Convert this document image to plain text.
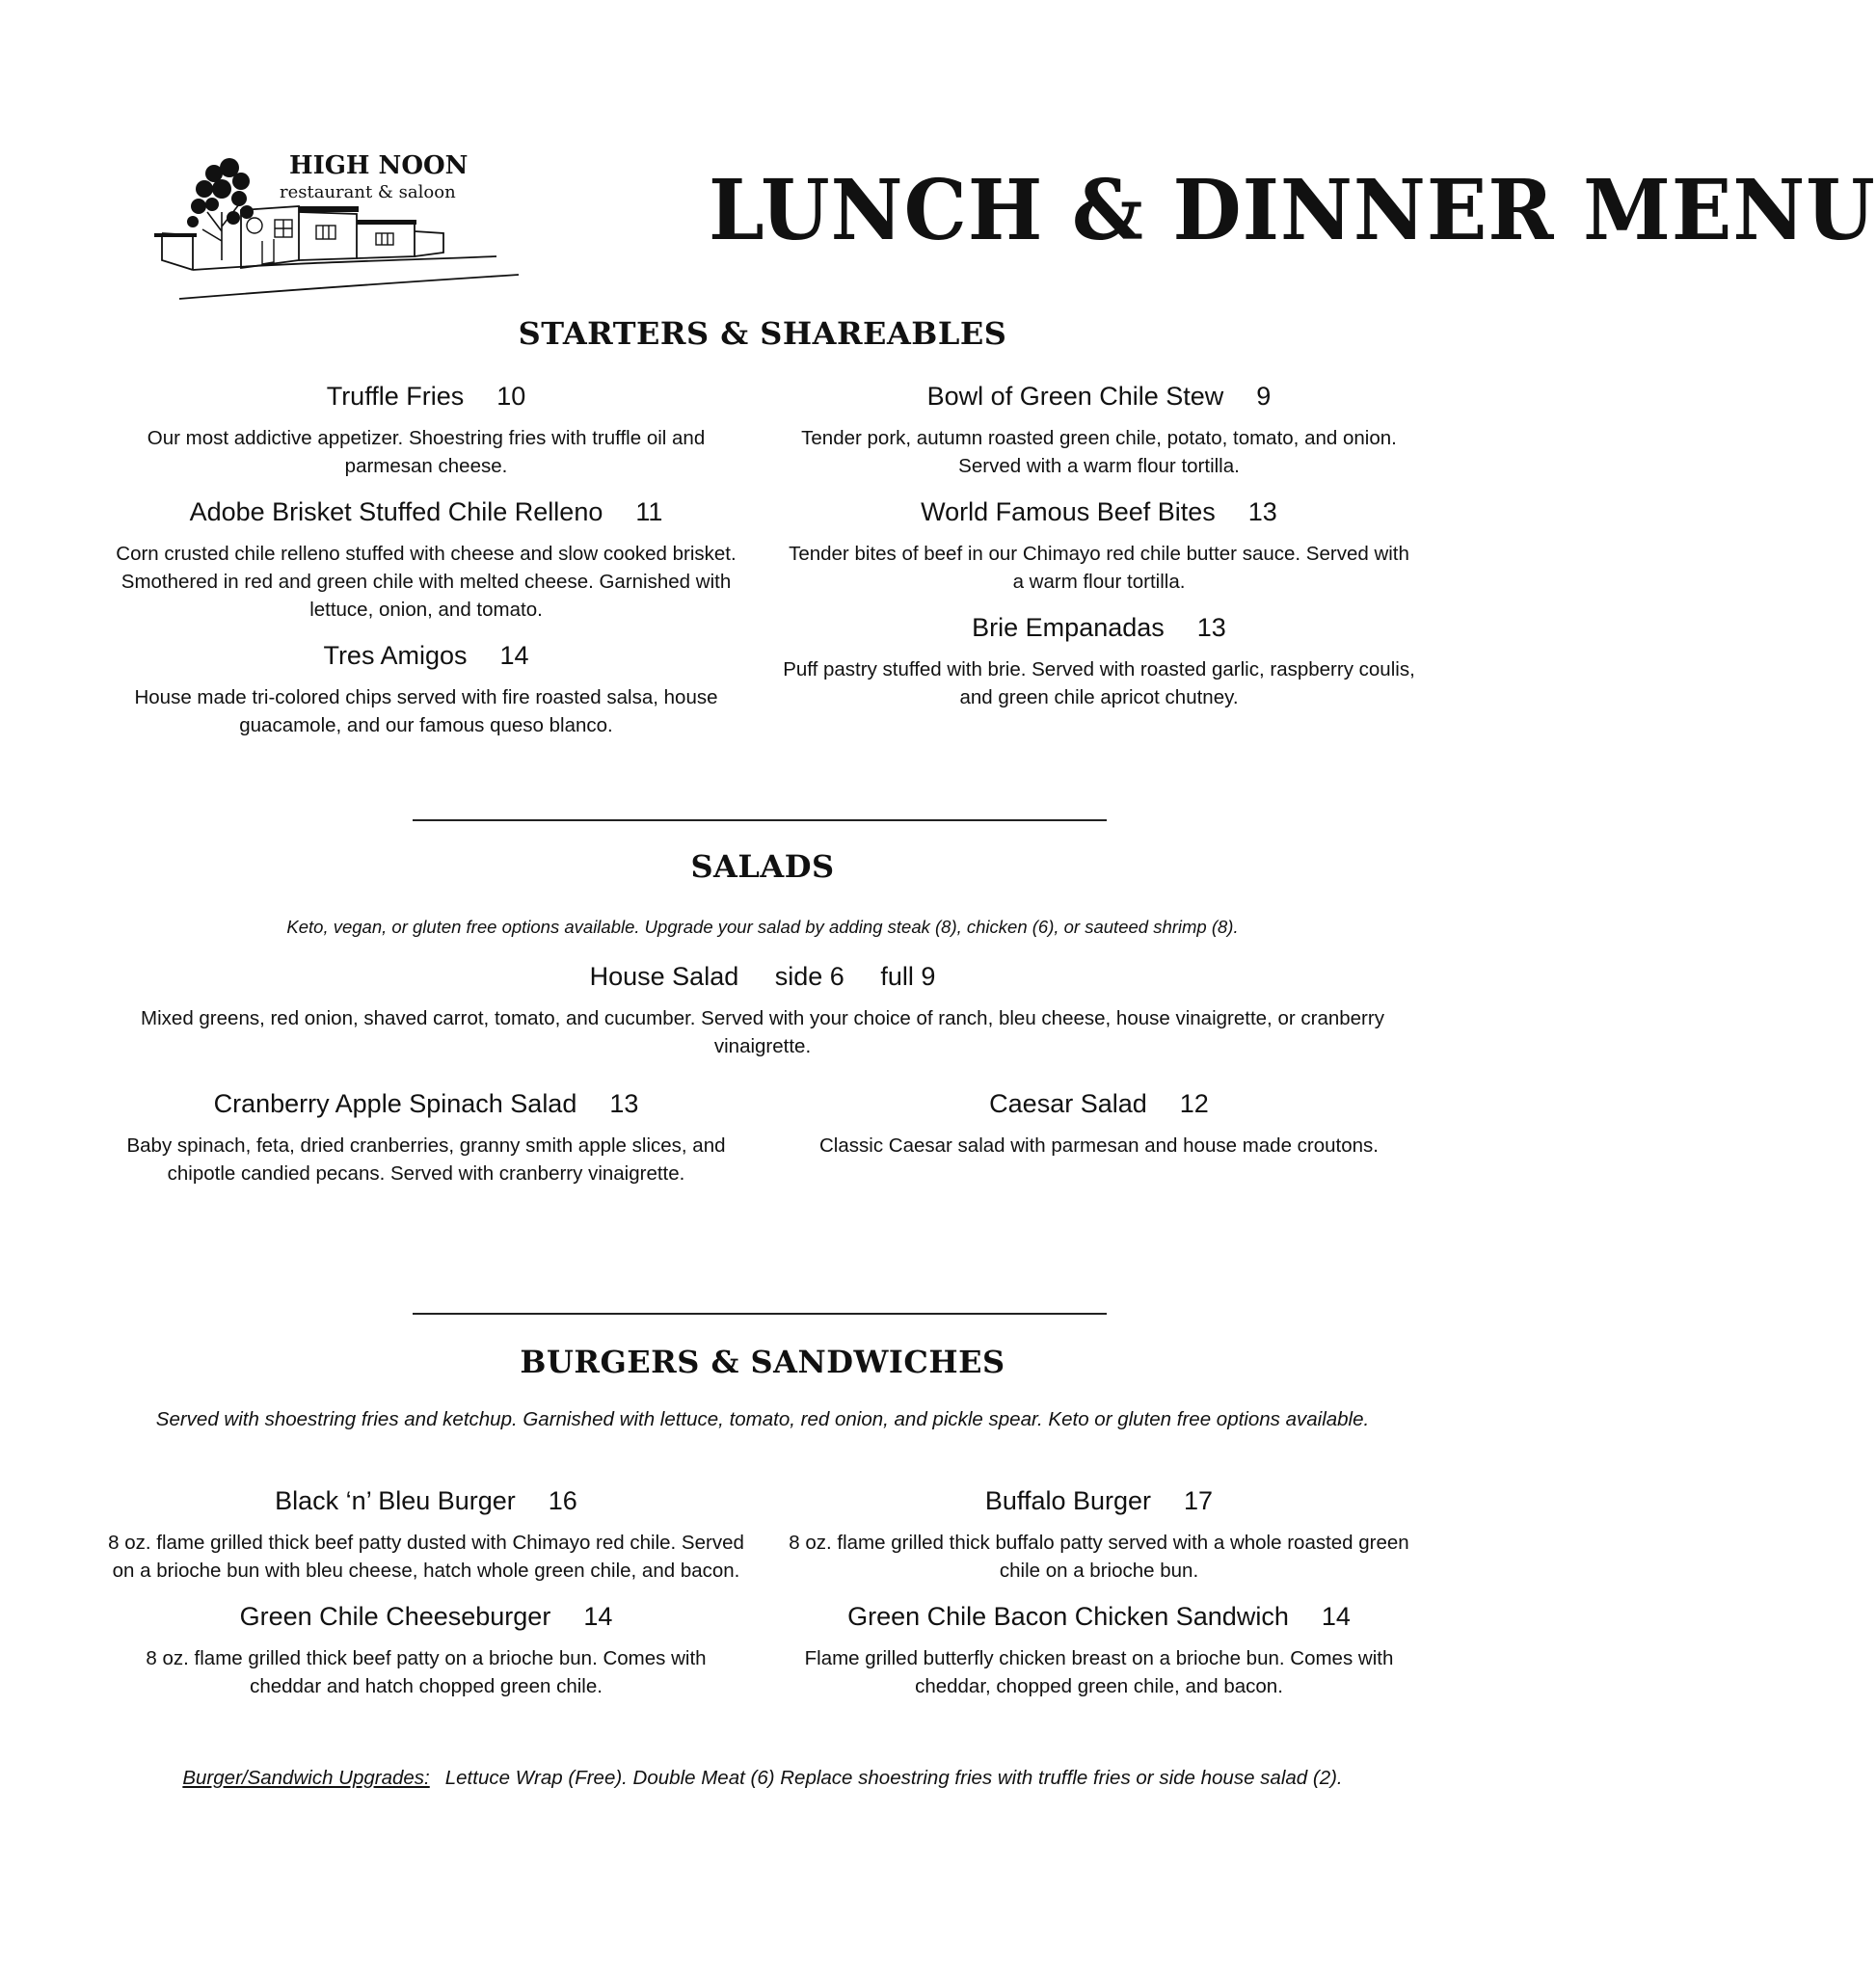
HIGH NOON
restaurant & saloon	LUNCH & DINNER MENU
STARTERS & SHAREABLES
Truffle Fries 10
Our most addictive appetizer. Shoestring fries with truffle oil and parmesan cheese.
Adobe Brisket Stuffed Chile Relleno 11
Corn crusted chile relleno stuffed with cheese and slow cooked brisket. Smothered in red and green chile with melted cheese. Garnished with lettuce, onion, and tomato.
Tres Amigos 14
House made tri-colored chips served with fire roasted salsa, house guacamole, and our famous queso blanco.
Bowl of Green Chile Stew 9
Tender pork, autumn roasted green chile, potato, tomato, and onion. Served with a warm flour tortilla.
World Famous Beef Bites 13
Tender bites of beef in our Chimayo red chile butter sauce. Served with a warm flour tortilla.
Brie Empanadas 13
Puff pastry stuffed with brie. Served with roasted garlic, raspberry coulis, and green chile apricot chutney.
SALADS
Keto, vegan, or gluten free options available. Upgrade your salad by adding steak (8), chicken (6), or sauteed shrimp (8).
House Salad side 6 full 9
Mixed greens, red onion, shaved carrot, tomato, and cucumber. Served with your choice of ranch, bleu cheese, house vinaigrette, or cranberry vinaigrette.
Cranberry Apple Spinach Salad 13
Baby spinach, feta, dried cranberries, granny smith apple slices, and chipotle candied pecans. Served with cranberry vinaigrette.
Caesar Salad 12
Classic Caesar salad with parmesan and house made croutons.
BURGERS & SANDWICHES
Served with shoestring fries and ketchup. Garnished with lettuce, tomato, red onion, and pickle spear. Keto or gluten free options available.
Black ‘n’ Bleu Burger 16
8 oz. flame grilled thick beef patty dusted with Chimayo red chile. Served on a brioche bun with bleu cheese, hatch whole green chile, and bacon.
Green Chile Cheeseburger 14
8 oz. flame grilled thick beef patty on a brioche bun. Comes with cheddar and hatch chopped green chile.
Buffalo Burger 17
8 oz. flame grilled thick buffalo patty served with a whole roasted green chile on a brioche bun.
Green Chile Bacon Chicken Sandwich 14
Flame grilled butterfly chicken breast on a brioche bun. Comes with cheddar, chopped green chile, and bacon.
Burger/Sandwich Upgrades: Lettuce Wrap (Free). Double Meat (6) Replace shoestring fries with truffle fries or side house salad (2).
